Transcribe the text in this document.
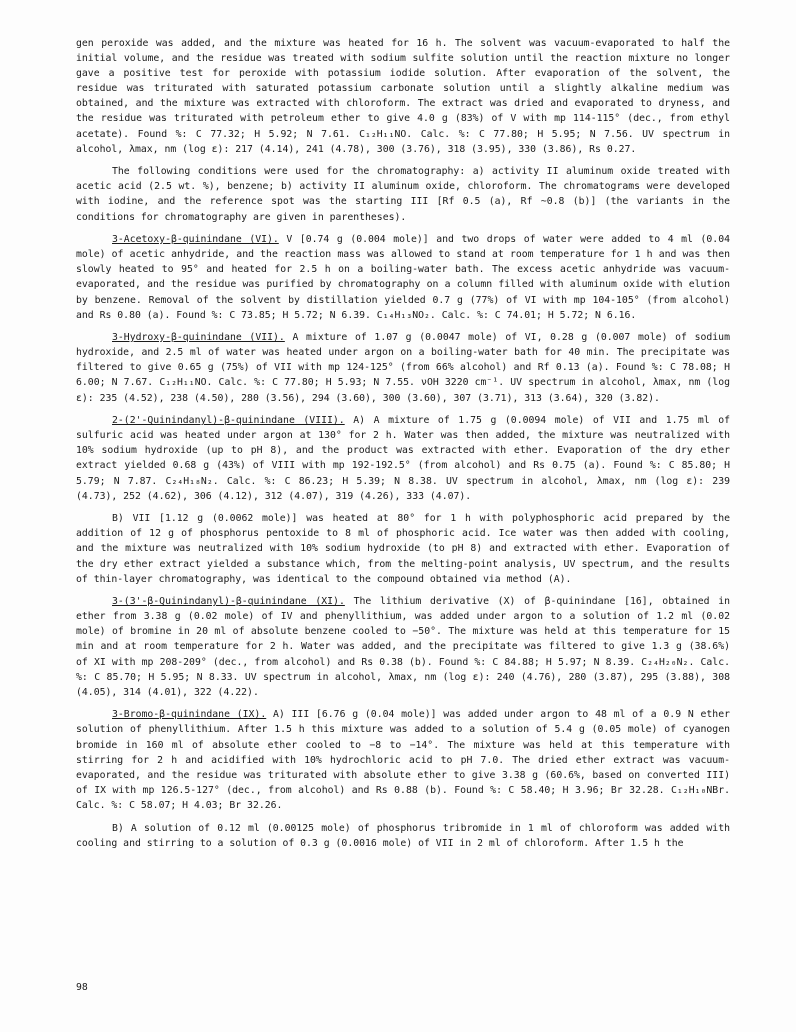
gen peroxide was added, and the mixture was heated for 16 h. The solvent was vacuum-evaporated to half the initial volume, and the residue was treated with sodium sulfite solution until the reaction mixture no longer gave a positive test for peroxide with potassium iodide solution. After evaporation of the solvent, the residue was triturated with saturated potassium carbonate solution until a slightly alkaline medium was obtained, and the mixture was extracted with chloroform. The extract was dried and evaporated to dryness, and the residue was triturated with petroleum ether to give 4.0 g (83%) of V with mp 114-115° (dec., from ethyl acetate). Found %: C 77.32; H 5.92; N 7.61. C₁₂H₁₁NO. Calc. %: C 77.80; H 5.95; N 7.56. UV spectrum in alcohol, λmax, nm (log ε): 217 (4.14), 241 (4.78), 300 (3.76), 318 (3.95), 330 (3.86), Rs 0.27.

The following conditions were used for the chromatography: a) activity II aluminum oxide treated with acetic acid (2.5 wt. %), benzene; b) activity II aluminum oxide, chloroform. The chromatograms were developed with iodine, and the reference spot was the starting III [Rf 0.5 (a), Rf ~0.8 (b)] (the variants in the conditions for chromatography are given in parentheses).

3-Acetoxy-β-quinindane (VI). V [0.74 g (0.004 mole)] and two drops of water were added to 4 ml (0.04 mole) of acetic anhydride, and the reaction mass was allowed to stand at room temperature for 1 h and was then slowly heated to 95° and heated for 2.5 h on a boiling-water bath. The excess acetic anhydride was vacuum-evaporated, and the residue was purified by chromatography on a column filled with aluminum oxide with elution by benzene. Removal of the solvent by distillation yielded 0.7 g (77%) of VI with mp 104-105° (from alcohol) and Rs 0.80 (a). Found %: C 73.85; H 5.72; N 6.39. C₁₄H₁₃NO₂. Calc. %: C 74.01; H 5.72; N 6.16.

3-Hydroxy-β-quinindane (VII). A mixture of 1.07 g (0.0047 mole) of VI, 0.28 g (0.007 mole) of sodium hydroxide, and 2.5 ml of water was heated under argon on a boiling-water bath for 40 min. The precipitate was filtered to give 0.65 g (75%) of VII with mp 124-125° (from 66% alcohol) and Rf 0.13 (a). Found %: C 78.08; H 6.00; N 7.67. C₁₂H₁₁NO. Calc. %: C 77.80; H 5.93; N 7.55. νOH 3220 cm⁻¹. UV spectrum in alcohol, λmax, nm (log ε): 235 (4.52), 238 (4.50), 280 (3.56), 294 (3.60), 300 (3.60), 307 (3.71), 313 (3.64), 320 (3.82).

2-(2'-Quinindanyl)-β-quinindane (VIII). A) A mixture of 1.75 g (0.0094 mole) of VII and 1.75 ml of sulfuric acid was heated under argon at 130° for 2 h. Water was then added, the mixture was neutralized with 10% sodium hydroxide (up to pH 8), and the product was extracted with ether. Evaporation of the dry ether extract yielded 0.68 g (43%) of VIII with mp 192-192.5° (from alcohol) and Rs 0.75 (a). Found %: C 85.80; H 5.79; N 7.87. C₂₄H₁₈N₂. Calc. %: C 86.23; H 5.39; N 8.38. UV spectrum in alcohol, λmax, nm (log ε): 239 (4.73), 252 (4.62), 306 (4.12), 312 (4.07), 319 (4.26), 333 (4.07).

B) VII [1.12 g (0.0062 mole)] was heated at 80° for 1 h with polyphosphoric acid prepared by the addition of 12 g of phosphorus pentoxide to 8 ml of phosphoric acid. Ice water was then added with cooling, and the mixture was neutralized with 10% sodium hydroxide (to pH 8) and extracted with ether. Evaporation of the dry ether extract yielded a substance which, from the melting-point analysis, UV spectrum, and the results of thin-layer chromatography, was identical to the compound obtained via method (A).

3-(3'-β-Quinindanyl)-β-quinindane (XI). The lithium derivative (X) of β-quinindane [16], obtained in ether from 3.38 g (0.02 mole) of IV and phenyllithium, was added under argon to a solution of 1.2 ml (0.02 mole) of bromine in 20 ml of absolute benzene cooled to −50°. The mixture was held at this temperature for 15 min and at room temperature for 2 h. Water was added, and the precipitate was filtered to give 1.3 g (38.6%) of XI with mp 208-209° (dec., from alcohol) and Rs 0.38 (b). Found %: C 84.88; H 5.97; N 8.39. C₂₄H₂₀N₂. Calc. %: C 85.70; H 5.95; N 8.33. UV spectrum in alcohol, λmax, nm (log ε): 240 (4.76), 280 (3.87), 295 (3.88), 308 (4.05), 314 (4.01), 322 (4.22).

3-Bromo-β-quinindane (IX). A) III [6.76 g (0.04 mole)] was added under argon to 48 ml of a 0.9 N ether solution of phenyllithium. After 1.5 h this mixture was added to a solution of 5.4 g (0.05 mole) of cyanogen bromide in 160 ml of absolute ether cooled to −8 to −14°. The mixture was held at this temperature with stirring for 2 h and acidified with 10% hydrochloric acid to pH 7.0. The dried ether extract was vacuum-evaporated, and the residue was triturated with absolute ether to give 3.38 g (60.6%, based on converted III) of IX with mp 126.5-127° (dec., from alcohol) and Rs 0.88 (b). Found %: C 58.40; H 3.96; Br 32.28. C₁₂H₁₀NBr. Calc. %: C 58.07; H 4.03; Br 32.26.

B) A solution of 0.12 ml (0.00125 mole) of phosphorus tribromide in 1 ml of chloroform was added with cooling and stirring to a solution of 0.3 g (0.0016 mole) of VII in 2 ml of chloroform. After 1.5 h the

98
